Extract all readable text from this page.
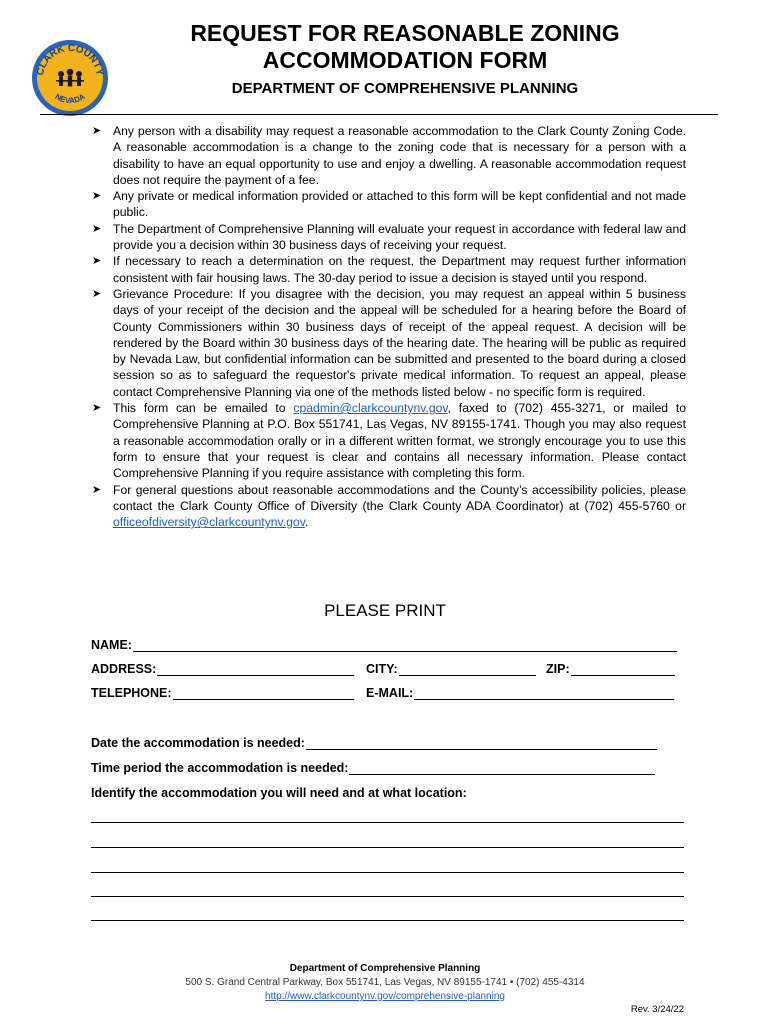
CLARK COUNTY
NEVADA
REQUEST FOR REASONABLE ZONING
ACCOMMODATION FORM
DEPARTMENT OF COMPREHENSIVE PLANNING
➤ Any person with a disability may request a reasonable accommodation to the Clark County Zoning Code. A reasonable accommodation is a change to the zoning code that is necessary for a person with a disability to have an equal opportunity to use and enjoy a dwelling. A reasonable accommodation request does not require the payment of a fee.
➤ Any private or medical information provided or attached to this form will be kept confidential and not made public.
➤ The Department of Comprehensive Planning will evaluate your request in accordance with federal law and provide you a decision within 30 business days of receiving your request.
➤ If necessary to reach a determination on the request, the Department may request further information consistent with fair housing laws. The 30-day period to issue a decision is stayed until you respond.
➤ Grievance Procedure: If you disagree with the decision, you may request an appeal within 5 business days of your receipt of the decision and the appeal will be scheduled for a hearing before the Board of County Commissioners within 30 business days of receipt of the appeal request. A decision will be rendered by the Board within 30 business days of the hearing date. The hearing will be public as required by Nevada Law, but confidential information can be submitted and presented to the board during a closed session so as to safeguard the requestor's private medical information. To request an appeal, please contact Comprehensive Planning via one of the methods listed below - no specific form is required.
➤ This form can be emailed to cpadmin@clarkcountynv.gov, faxed to (702) 455-3271, or mailed to Comprehensive Planning at P.O. Box 551741, Las Vegas, NV 89155-1741. Though you may also request a reasonable accommodation orally or in a different written format, we strongly encourage you to use this form to ensure that your request is clear and contains all necessary information. Please contact Comprehensive Planning if you require assistance with completing this form.
➤ For general questions about reasonable accommodations and the County’s accessibility policies, please contact the Clark County Office of Diversity (the Clark County ADA Coordinator) at (702) 455-5760 or officeofdiversity@clarkcountynv.gov.
PLEASE PRINT
NAME:
ADDRESS:	CITY:	ZIP:
TELEPHONE:	E-MAIL:
Date the accommodation is needed:
Time period the accommodation is needed:
Identify the accommodation you will need and at what location:
Department of Comprehensive Planning
500 S. Grand Central Parkway, Box 551741, Las Vegas, NV 89155-1741 • (702) 455-4314
http://www.clarkcountynv.gov/comprehensive-planning
Rev. 3/24/22
